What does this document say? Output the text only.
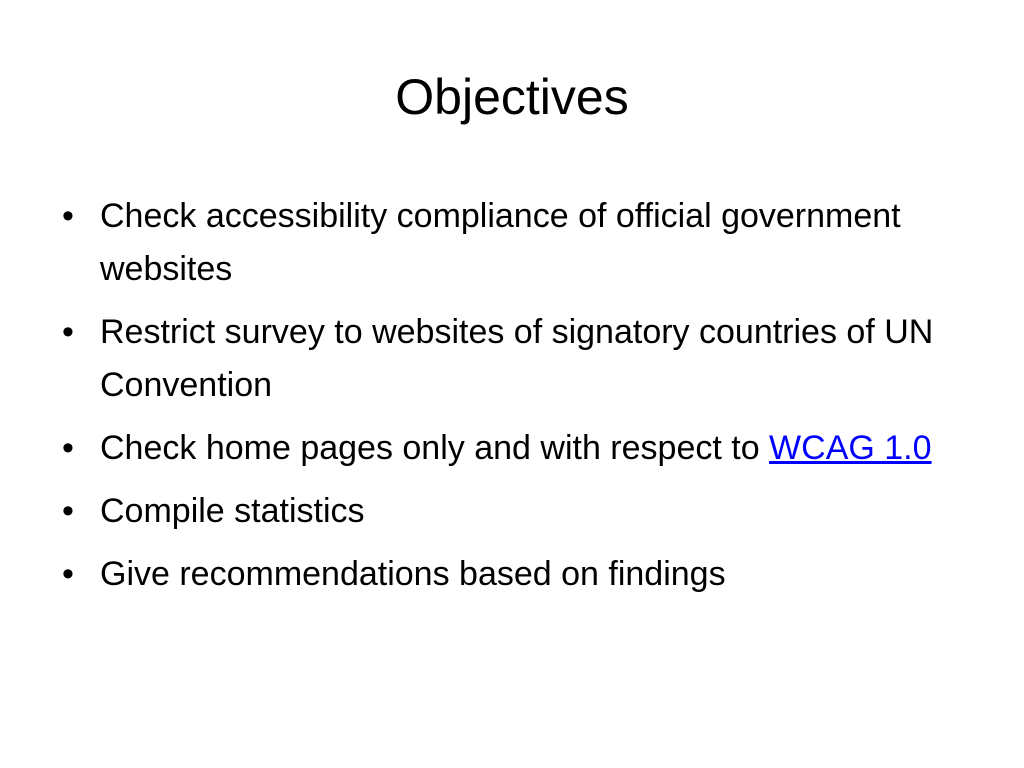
Objectives
• Check accessibility compliance of official government websites
• Restrict survey to websites of signatory countries of UN Convention
• Check home pages only and with respect to WCAG 1.0
• Compile statistics
• Give recommendations based on findings
